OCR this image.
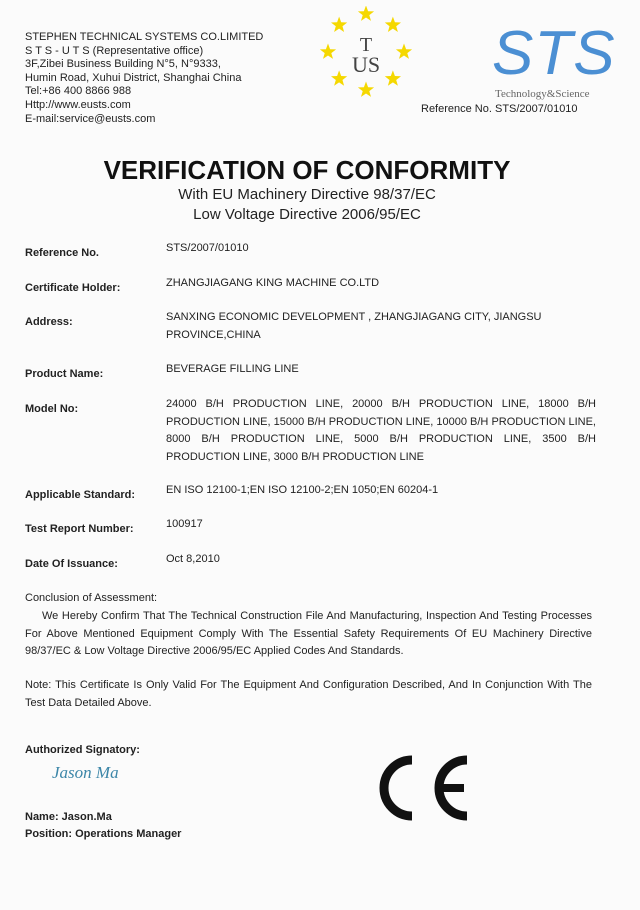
STEPHEN TECHNICAL SYSTEMS CO.LIMITED
S T S - U T S (Representative office)
3F,Zibei Business Building N°5, N°9333,
Humin Road, Xuhui District, Shanghai China
Tel:+86 400 8866 988
Http://www.eusts.com
E-mail:service@eusts.com
T
US STS
Technology&Science
Reference No. STS/2007/01010
VERIFICATION OF CONFORMITY
With EU Machinery Directive 98/37/EC
Low Voltage Directive 2006/95/EC
Reference No.	STS/2007/01010
Certificate Holder:	ZHANGJIAGANG KING MACHINE CO.LTD
Address:	SANXING ECONOMIC DEVELOPMENT , ZHANGJIAGANG CITY, JIANGSU PROVINCE,CHINA
Product Name:	BEVERAGE FILLING LINE
Model No:	24000 B/H PRODUCTION LINE, 20000 B/H PRODUCTION LINE, 18000 B/H PRODUCTION LINE, 15000 B/H PRODUCTION LINE, 10000 B/H PRODUCTION LINE, 8000 B/H PRODUCTION LINE, 5000 B/H PRODUCTION LINE, 3500 B/H PRODUCTION LINE, 3000 B/H PRODUCTION LINE
Applicable Standard:	EN ISO 12100-1;EN ISO 12100-2;EN 1050;EN 60204-1
Test Report Number:	100917
Date Of Issuance:	Oct 8,2010
Conclusion of Assessment:
We Hereby Confirm That The Technical Construction File And Manufacturing, Inspection And Testing Processes For Above Mentioned Equipment Comply With The Essential Safety Requirements Of EU Machinery Directive 98/37/EC & Low Voltage Directive 2006/95/EC Applied Codes And Standards.
Note: This Certificate Is Only Valid For The Equipment And Configuration Described, And In Conjunction With The Test Data Detailed Above.
Authorized Signatory:
Jason Ma
Name: Jason.Ma
Position: Operations Manager
